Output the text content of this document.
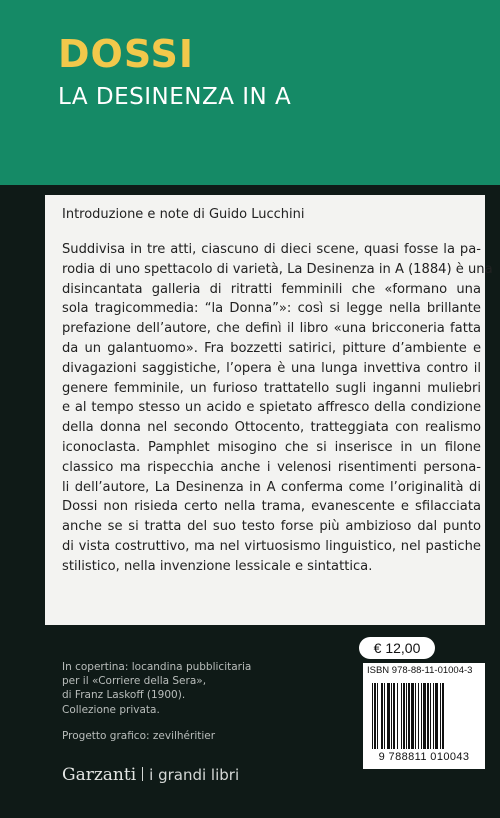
DOSSI
LA DESINENZA IN A
Introduzione e note di Guido Lucchini
Suddivisa in tre atti, ciascuno di dieci scene, quasi fosse la pa-
rodia di uno spettacolo di varietà, La Desinenza in A (1884) è una
disincantata galleria di ritratti femminili che «formano una
sola tragicommedia: “la Donna”»: così si legge nella brillante
prefazione dell’autore, che definì il libro «una bricconeria fatta
da un galantuomo». Fra bozzetti satirici, pitture d’ambiente e
divagazioni saggistiche, l’opera è una lunga invettiva contro il
genere femminile, un furioso trattatello sugli inganni muliebri
e al tempo stesso un acido e spietato affresco della condizione
della donna nel secondo Ottocento, tratteggiata con realismo
iconoclasta. Pamphlet misogino che si inserisce in un filone
classico ma rispecchia anche i velenosi risentimenti persona-
li dell’autore, La Desinenza in A conferma come l’originalità di
Dossi non risieda certo nella trama, evanescente e sfilacciata
anche se si tratta del suo testo forse più ambizioso dal punto
di vista costruttivo, ma nel virtuosismo linguistico, nel pastiche
stilistico, nella invenzione lessicale e sintattica.
In copertina: locandina pubblicitaria
per il «Corriere della Sera»,
di Franz Laskoff (1900).
Collezione privata.
Progetto grafico: zevilhéritier
Garzanti i grandi libri
€ 12,00
ISBN 978-88-11-01004-3
9 788811 010043
